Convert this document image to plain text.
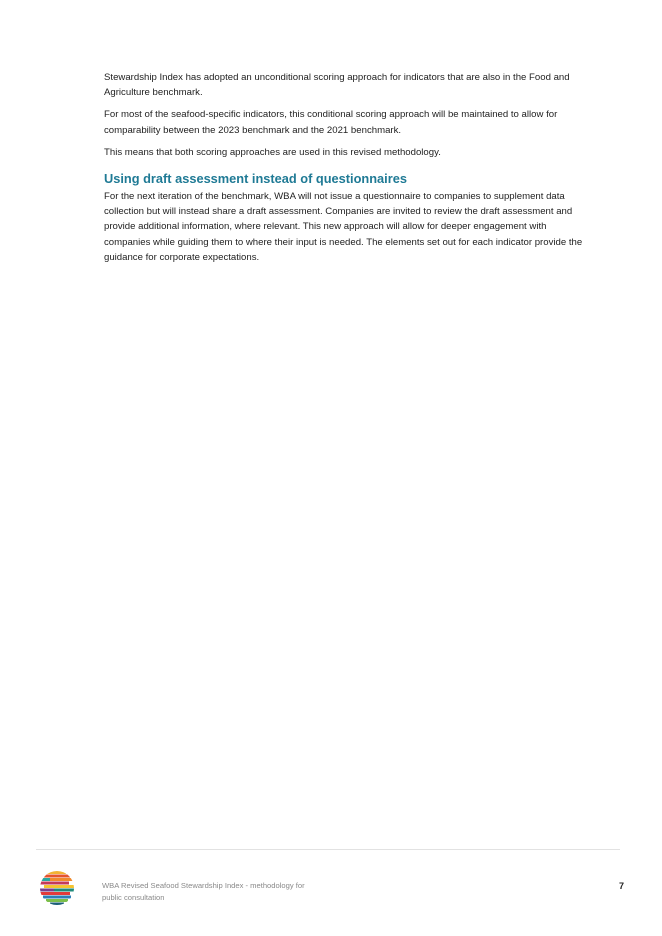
Stewardship Index has adopted an unconditional scoring approach for indicators that are also in the Food and Agriculture benchmark.

For most of the seafood-specific indicators, this conditional scoring approach will be maintained to allow for comparability between the 2023 benchmark and the 2021 benchmark.

This means that both scoring approaches are used in this revised methodology.

Using draft assessment instead of questionnaires

For the next iteration of the benchmark, WBA will not issue a questionnaire to companies to supplement data collection but will instead share a draft assessment. Companies are invited to review the draft assessment and provide additional information, where relevant. This new approach will allow for deeper engagement with companies while guiding them to where their input is needed. The elements set out for each indicator provide the guidance for corporate expectations.

WBA Revised Seafood Stewardship Index - methodology for
public consultation
7
